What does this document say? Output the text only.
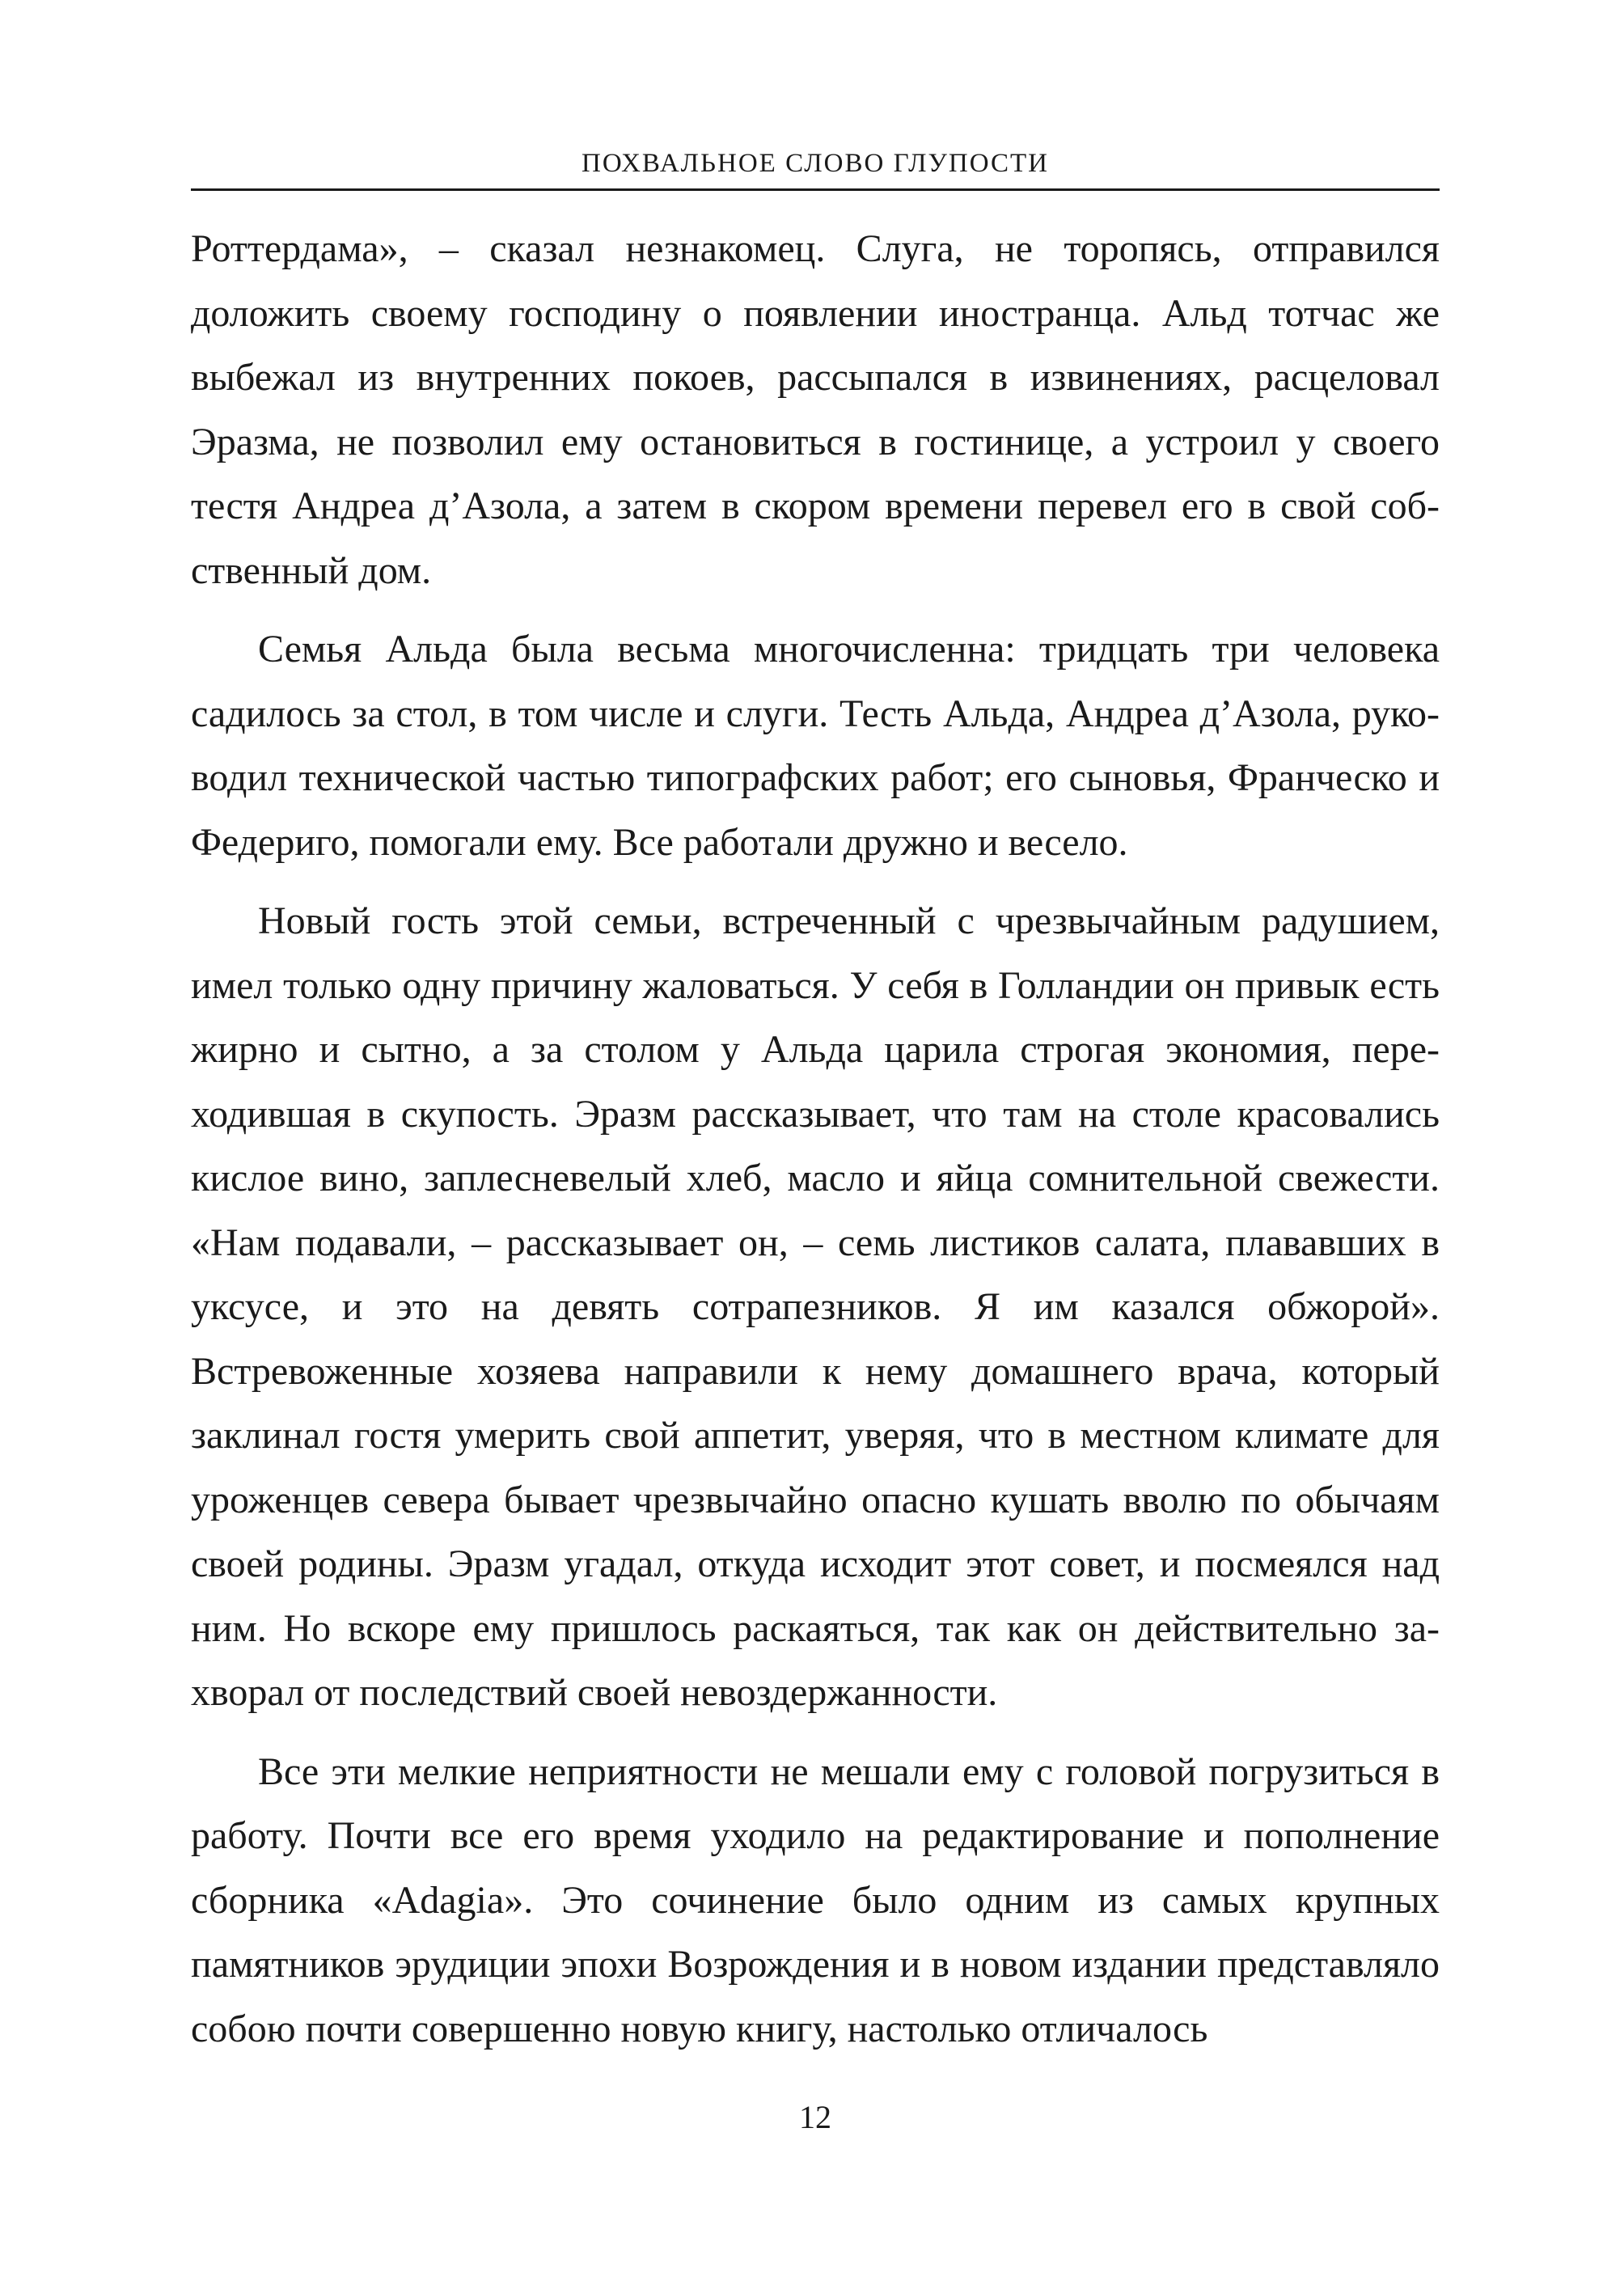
ПОХВАЛЬНОЕ СЛОВО ГЛУПОСТИ

Роттердама», – сказал незнакомец. Слуга, не торопясь, отправился доложить своему господину о появлении иностранца. Альд тотчас же выбежал из внутренних покоев, рассыпался в извинениях, расцеловал Эразма, не позволил ему остановиться в гостинице, а устроил у своего тестя Андреа д’Азола, а затем в скором времени перевел его в свой собственный дом.

Семья Альда была весьма многочисленна: тридцать три человека садилось за стол, в том числе и слуги. Тесть Альда, Андреа д’Азола, руководил технической частью типографских работ; его сыновья, Франческо и Федериго, помогали ему. Все работали дружно и весело.

Новый гость этой семьи, встреченный с чрезвычайным радушием, имел только одну причину жаловаться. У себя в Голландии он привык есть жирно и сытно, а за столом у Альда царила строгая экономия, переходившая в скупость. Эразм рассказывает, что там на столе красовались кислое вино, заплесневелый хлеб, масло и яйца сомнительной свежести. «Нам подавали, – рассказывает он, – семь листиков салата, плававших в уксусе, и это на девять сотрапезников. Я им казался обжорой». Встревоженные хозяева направили к нему домашнего врача, который заклинал гостя умерить свой аппетит, уверяя, что в местном климате для уроженцев севера бывает чрезвычайно опасно кушать вволю по обычаям своей родины. Эразм угадал, откуда исходит этот совет, и посмеялся над ним. Но вскоре ему пришлось раскаяться, так как он действительно захворал от последствий своей невоздержанности.

Все эти мелкие неприятности не мешали ему с головой погрузиться в работу. Почти все его время уходило на редактирование и пополнение сборника «Adagia». Это сочинение было одним из самых крупных памятников эрудиции эпохи Возрождения и в новом издании представляло собою почти совершенно новую книгу, настолько отличалось

12
